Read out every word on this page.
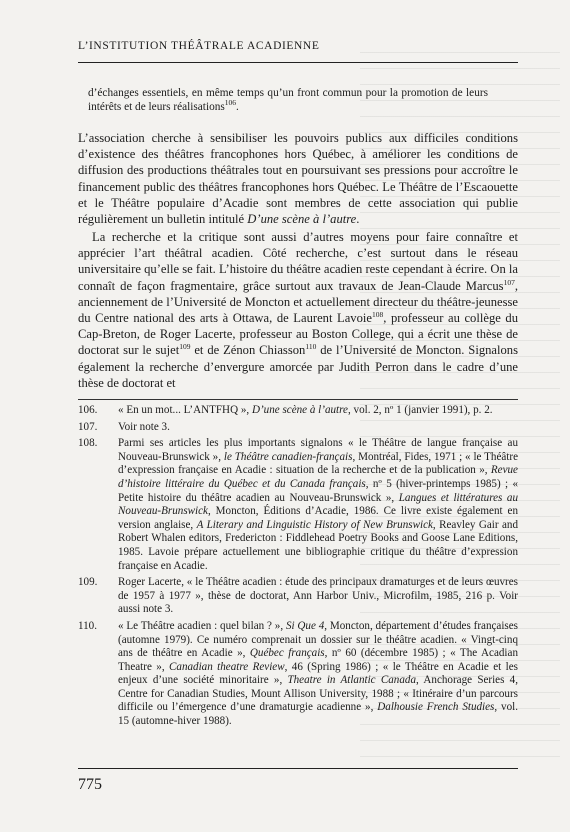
L’INSTITUTION THÉÂTRALE ACADIENNE
d’échanges essentiels, en même temps qu’un front commun pour la promotion de leurs intérêts et de leurs réalisations$^{106}$.
L’association cherche à sensibiliser les pouvoirs publics aux difficiles conditions d’existence des théâtres francophones hors Québec, à améliorer les conditions de diffusion des productions théâtrales tout en poursuivant ses pressions pour accroître le financement public des théâtres francophones hors Québec. Le Théâtre de l’Escaouette et le Théâtre populaire d’Acadie sont membres de cette association qui publie régulièrement un bulletin intitulé D’une scène à l’autre.
La recherche et la critique sont aussi d’autres moyens pour faire connaître et apprécier l’art théâtral acadien. Côté recherche, c’est surtout dans le réseau universitaire qu’elle se fait. L’histoire du théâtre acadien reste cependant à écrire. On la connaît de façon fragmentaire, grâce surtout aux travaux de Jean-Claude Marcus$^{107}$, anciennement de l’Université de Moncton et actuellement directeur du théâtre-jeunesse du Centre national des arts à Ottawa, de Laurent Lavoie$^{108}$, professeur au collège du Cap-Breton, de Roger Lacerte, professeur au Boston College, qui a écrit une thèse de doctorat sur le sujet$^{109}$ et de Zénon Chiasson$^{110}$ de l’Université de Moncton. Signalons également la recherche d’envergure amorcée par Judith Perron dans le cadre d’une thèse de doctorat et
106.	« En un mot... L’ANTFHQ », D’une scène à l’autre, vol. 2, nº 1 (janvier 1991), p. 2.
107.	Voir note 3.
108.	Parmi ses articles les plus importants signalons « le Théâtre de langue française au Nouveau-Brunswick », le Théâtre canadien-français, Montréal, Fides, 1971 ; « le Théâtre d’expression française en Acadie : situation de la recherche et de la publication », Revue d’histoire littéraire du Québec et du Canada français, nº 5 (hiver-printemps 1985) ; « Petite histoire du théâtre acadien au Nouveau-Brunswick », Langues et littératures au Nouveau-Brunswick, Moncton, Éditions d’Acadie, 1986. Ce livre existe également en version anglaise, A Literary and Linguistic History of New Brunswick, Reavley Gair and Robert Whalen editors, Fredericton : Fiddlehead Poetry Books and Goose Lane Editions, 1985. Lavoie prépare actuellement une bibliographie critique du théâtre d’expression française en Acadie.
109.	Roger Lacerte, « le Théâtre acadien : étude des principaux dramaturges et de leurs œuvres de 1957 à 1977 », thèse de doctorat, Ann Harbor Univ., Microfilm, 1985, 216 p. Voir aussi note 3.
110.	« Le Théâtre acadien : quel bilan ? », Si Que 4, Moncton, département d’études françaises (automne 1979). Ce numéro comprenait un dossier sur le théâtre acadien. « Vingt-cinq ans de théâtre en Acadie », Québec français, nº 60 (décembre 1985) ; « The Acadian Theatre », Canadian theatre Review, 46 (Spring 1986) ; « le Théâtre en Acadie et les enjeux d’une société minoritaire », Theatre in Atlantic Canada, Anchorage Series 4, Centre for Canadian Studies, Mount Allison University, 1988 ; « Itinéraire d’un parcours difficile ou l’émergence d’une dramaturgie acadienne », Dalhousie French Studies, vol. 15 (automne-hiver 1988).
775
